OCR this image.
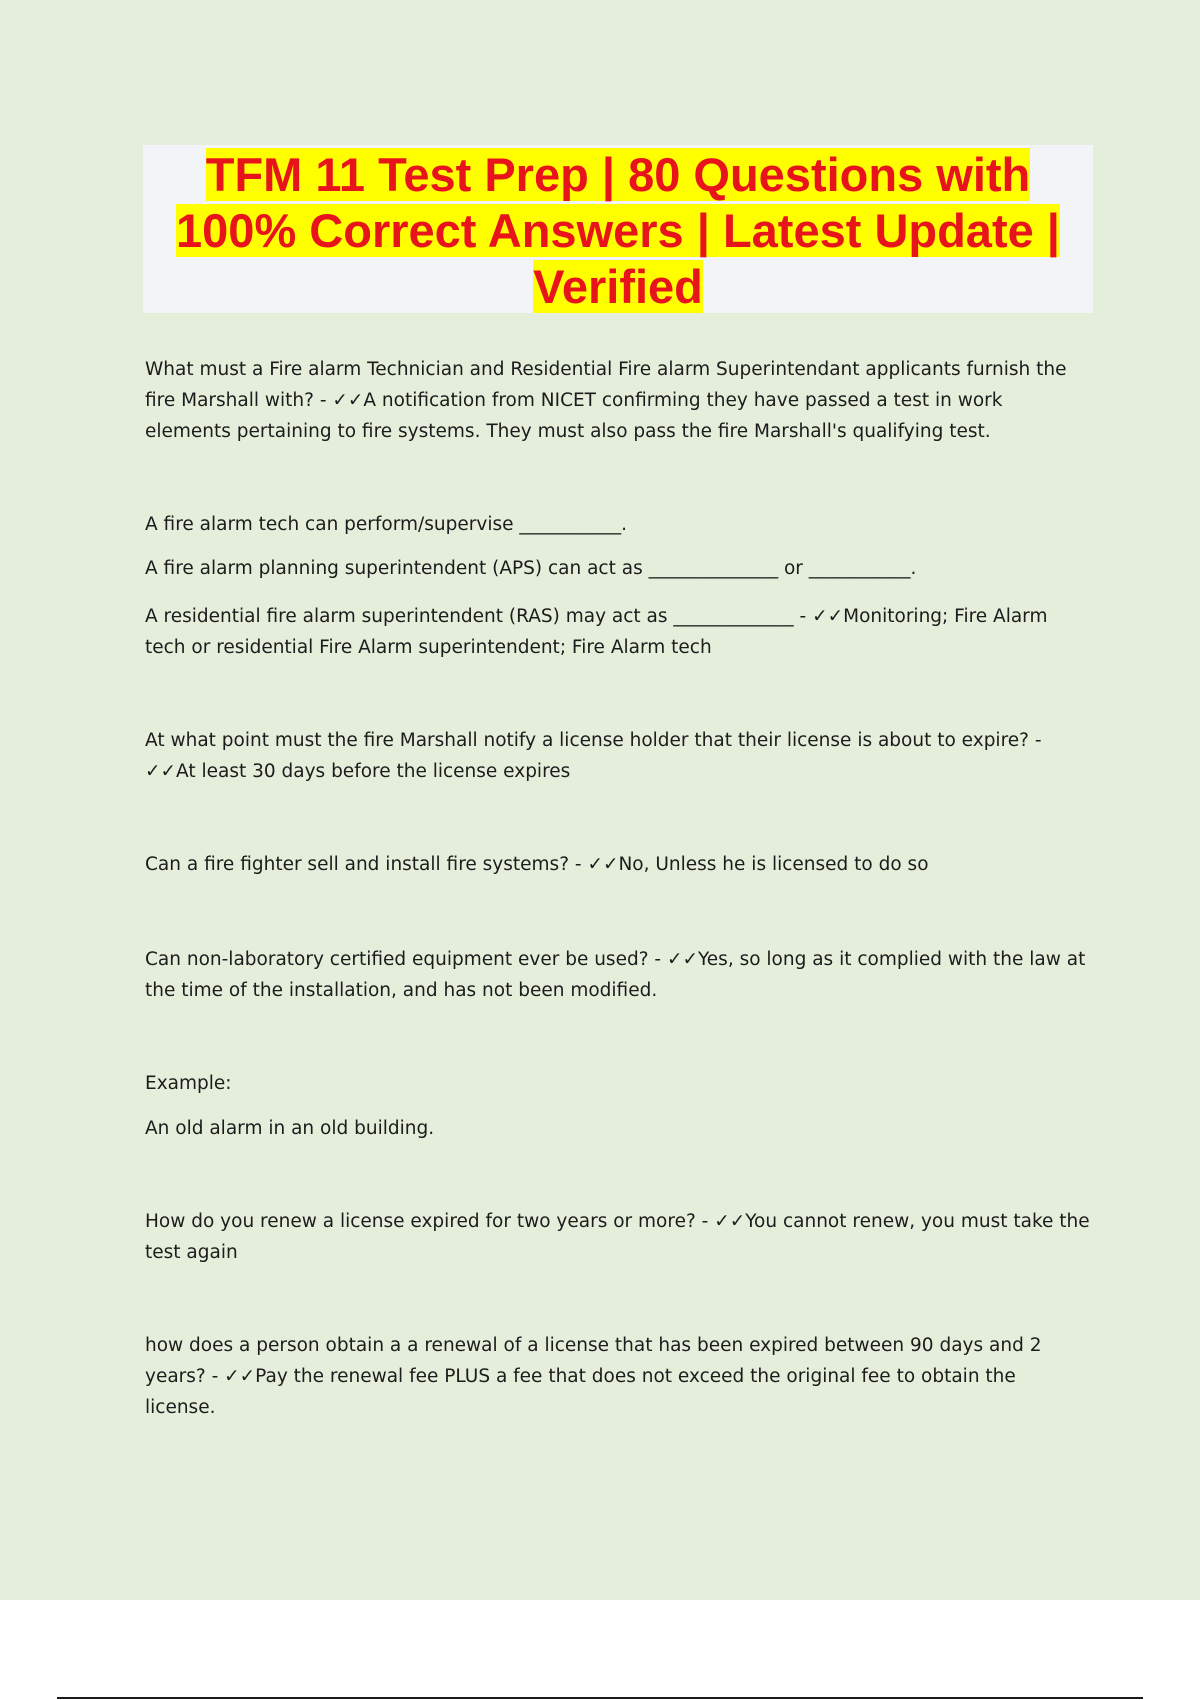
TFM 11 Test Prep | 80 Questions with 100% Correct Answers | Latest Update | Verified

What must a Fire alarm Technician and Residential Fire alarm Superintendant applicants furnish the fire Marshall with? - ✓✓A notification from NICET confirming they have passed a test in work elements pertaining to fire systems. They must also pass the fire Marshall's qualifying test.

A fire alarm tech can perform/supervise ___________.

A fire alarm planning superintendent (APS) can act as ______________ or ___________.

A residential fire alarm superintendent (RAS) may act as _____________ - ✓✓Monitoring; Fire Alarm tech or residential Fire Alarm superintendent; Fire Alarm tech

At what point must the fire Marshall notify a license holder that their license is about to expire? - ✓✓At least 30 days before the license expires

Can a fire fighter sell and install fire systems? - ✓✓No, Unless he is licensed to do so

Can non-laboratory certified equipment ever be used? - ✓✓Yes, so long as it complied with the law at the time of the installation, and has not been modified.

Example:

An old alarm in an old building.

How do you renew a license expired for two years or more? - ✓✓You cannot renew, you must take the test again

how does a person obtain a a renewal of a license that has been expired between 90 days and 2 years? - ✓✓Pay the renewal fee PLUS a fee that does not exceed the original fee to obtain the license.
